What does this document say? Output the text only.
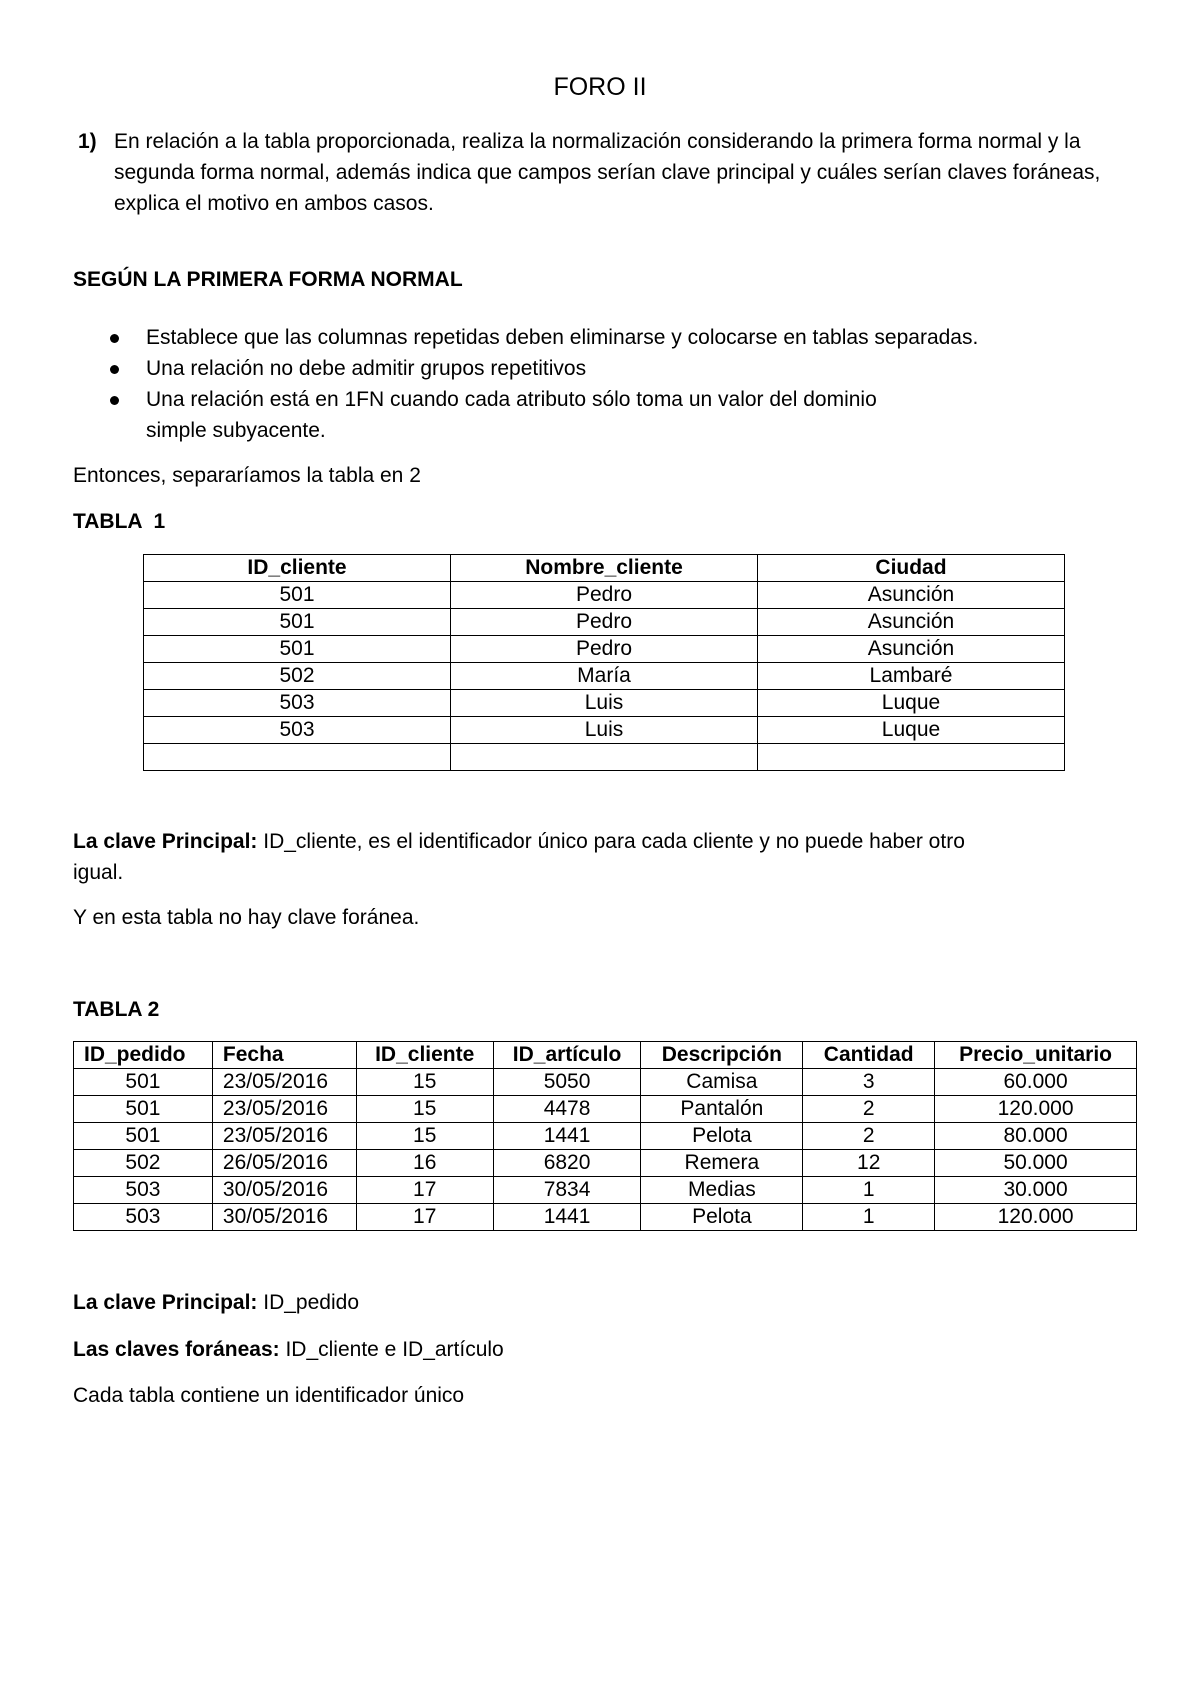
FORO II
1) En relación a la tabla proporcionada, realiza la normalización considerando la primera forma normal y la segunda forma normal, además indica que campos serían clave principal y cuáles serían claves foráneas, explica el motivo en ambos casos.
SEGÚN LA PRIMERA FORMA NORMAL
Establece que las columnas repetidas deben eliminarse y colocarse en tablas separadas.
Una relación no debe admitir grupos repetitivos
Una relación está en 1FN cuando cada atributo sólo toma un valor del dominio
simple subyacente.
Entonces, separaríamos la tabla en 2
TABLA  1
ID_cliente	Nombre_cliente	Ciudad
501	Pedro	Asunción
501	Pedro	Asunción
501	Pedro	Asunción
502	María	Lambaré
503	Luis	Luque
503	Luis	Luque

La clave Principal: ID_cliente, es el identificador único para cada cliente y no puede haber otro
igual.
Y en esta tabla no hay clave foránea.
TABLA 2
ID_pedido	Fecha	ID_cliente	ID_artículo	Descripción	Cantidad	Precio_unitario
501	23/05/2016	15	5050	Camisa	3	60.000
501	23/05/2016	15	4478	Pantalón	2	120.000
501	23/05/2016	15	1441	Pelota	2	80.000
502	26/05/2016	16	6820	Remera	12	50.000
503	30/05/2016	17	7834	Medias	1	30.000
503	30/05/2016	17	1441	Pelota	1	120.000
La clave Principal: ID_pedido
Las claves foráneas: ID_cliente e ID_artículo
Cada tabla contiene un identificador único
